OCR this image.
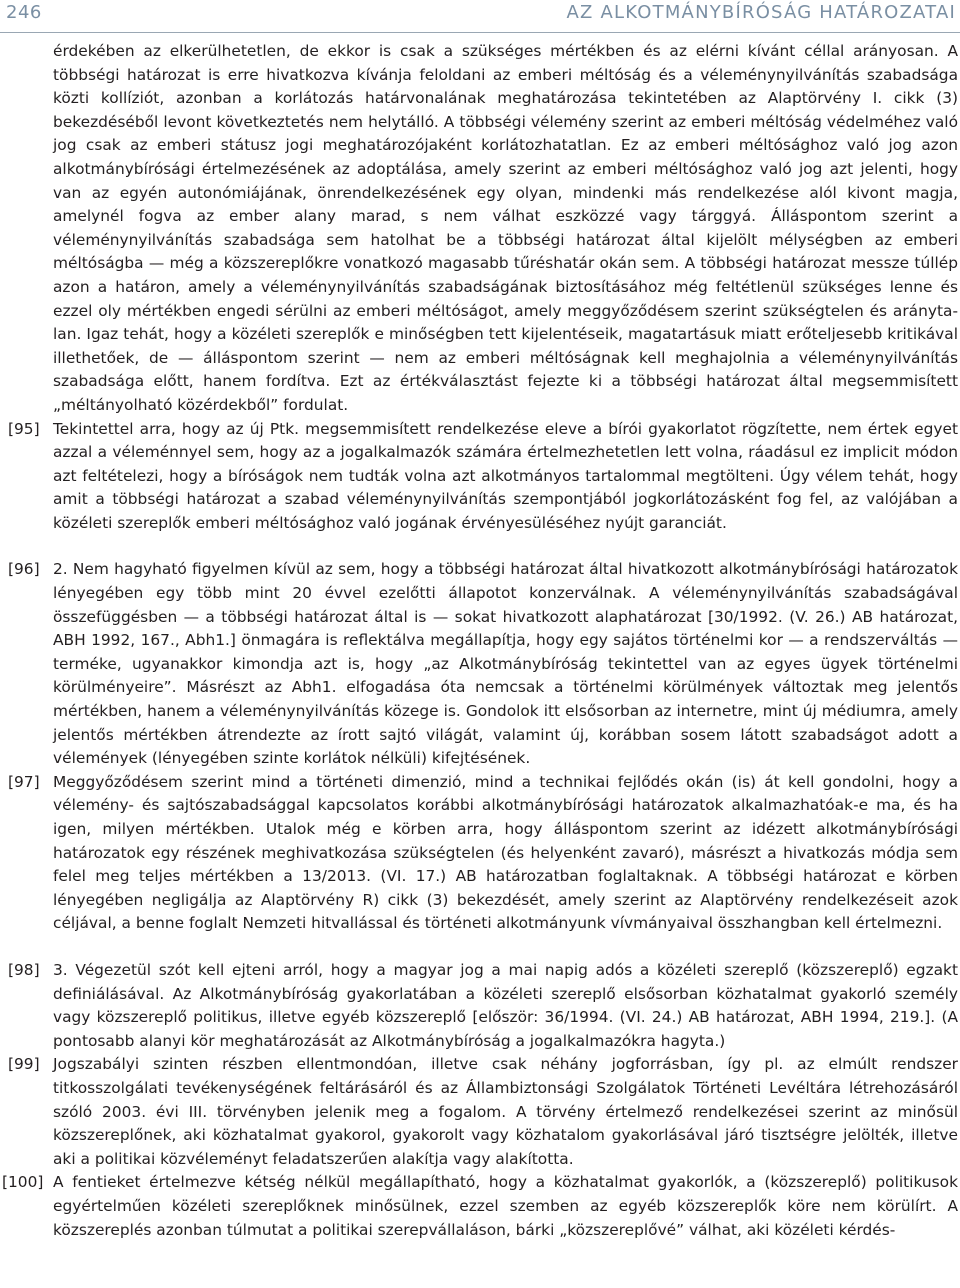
246	AZ ALKOTMÁNYBÍRÓSÁG HATÁROZATAI

érdekében az elkerülhetetlen, de ekkor is csak a szükséges mértékben és az elérni kívánt céllal arányosan. A többségi határozat is erre hivatkozva kívánja feloldani az emberi méltóság és a véleménynyilvánítás szabadsága közti kollíziót, azonban a korlátozás határvonalának meghatározása tekintetében az Alaptörvény I. cikk (3) bekezdéséből levont következtetés nem helytálló. A többségi vélemény szerint az emberi méltóság védelméhez való jog csak az emberi státusz jogi meghatározójaként korlátozhatatlan. Ez az emberi méltósághoz való jog azon alkotmánybírósági értelmezésének az adoptálása, amely szerint az emberi méltósághoz való jog azt jelenti, hogy van az egyén autonómiájának, önrendelkezésének egy olyan, mindenki más rendelkezése alól kivont magja, amelynél fogva az ember alany marad, s nem válhat eszközzé vagy tárggyá. Álláspontom szerint a véleménynyilvánítás szabadsága sem hatolhat be a többségi határozat által kijelölt mélységben az emberi méltóságba — még a közszereplőkre vonatkozó magasabb tűréshatár okán sem. A többségi határozat messze túllép azon a határon, amely a véleménynyilvánítás szabadságának biztosításához még feltétlenül szükséges lenne és ezzel oly mértékben engedi sérülni az emberi méltóságot, amely meggyőződésem szerint szükségtelen és aránytalan. Igaz tehát, hogy a közéleti szereplők e minőségben tett kijelentéseik, magatartásuk miatt erőteljesebb kritikával illethetőek, de — álláspontom szerint — nem az emberi méltóságnak kell meghajolnia a véleménynyilvánítás szabadsága előtt, hanem fordítva. Ezt az értékválasztást fejezte ki a többségi határozat által megsemmisített „méltányolható közérdekből” fordulat.

[95] Tekintettel arra, hogy az új Ptk. megsemmisített rendelkezése eleve a bírói gyakorlatot rögzítette, nem értek egyet azzal a véleménnyel sem, hogy az a jogalkalmazók számára értelmezhetetlen lett volna, ráadásul ez implicit módon azt feltételezi, hogy a bíróságok nem tudták volna azt alkotmányos tartalommal megtölteni. Úgy vélem tehát, hogy amit a többségi határozat a szabad véleménynyilvánítás szempontjából jogkorlátozásként fog fel, az valójában a közéleti szereplők emberi méltósághoz való jogának érvényesüléséhez nyújt garanciát.
[96] 2. Nem hagyható figyelmen kívül az sem, hogy a többségi határozat által hivatkozott alkotmánybírósági határozatok lényegében egy több mint 20 évvel ezelőtti állapotot konzerválnak. A véleménynyilvánítás szabadságával összefüggésben — a többségi határozat által is — sokat hivatkozott alaphatározat [30/1992. (V. 26.) AB határozat, ABH 1992, 167., Abh1.] önmagára is reflektálva megállapítja, hogy egy sajátos történelmi kor — a rendszerváltás — terméke, ugyanakkor kimondja azt is, hogy „az Alkotmánybíróság tekintettel van az egyes ügyek történelmi körülményeire”. Másrészt az Abh1. elfogadása óta nemcsak a történelmi körülmények változtak meg jelentős mértékben, hanem a véleménynyilvánítás közege is. Gondolok itt elsősorban az internetre, mint új médiumra, amely jelentős mértékben átrendezte az írott sajtó világát, valamint új, korábban sosem látott szabadságot adott a vélemények (lényegében szinte korlátok nélküli) kifejtésének.
[97] Meggyőződésem szerint mind a történeti dimenzió, mind a technikai fejlődés okán (is) át kell gondolni, hogy a vélemény- és sajtószabadsággal kapcsolatos korábbi alkotmánybírósági határozatok alkalmazhatóak-e ma, és ha igen, milyen mértékben. Utalok még e körben arra, hogy álláspontom szerint az idézett alkotmánybírósági határozatok egy részének meghivatkozása szükségtelen (és helyenként zavaró), másrészt a hivatkozás módja sem felel meg teljes mértékben a 13/2013. (VI. 17.) AB határozatban foglaltaknak. A többségi határozat e körben lényegében negligálja az Alaptörvény R) cikk (3) bekezdését, amely szerint az Alaptörvény rendelkezéseit azok céljával, a benne foglalt Nemzeti hitvallással és történeti alkotmányunk vívmányaival összhangban kell értelmezni.
[98] 3. Végezetül szót kell ejteni arról, hogy a magyar jog a mai napig adós a közéleti szereplő (közszereplő) egzakt definiálásával. Az Alkotmánybíróság gyakorlatában a közéleti szereplő elsősorban közhatalmat gyakorló személy vagy közszereplő politikus, illetve egyéb közszereplő [először: 36/1994. (VI. 24.) AB határozat, ABH 1994, 219.]. (A pontosabb alanyi kör meghatározását az Alkotmánybíróság a jogalkalmazókra hagyta.)
[99] Jogszabályi szinten részben ellentmondóan, illetve csak néhány jogforrásban, így pl. az elmúlt rendszer titkosszolgálati tevékenységének feltárásáról és az Állambiztonsági Szolgálatok Történeti Levéltára létrehozásáról szóló 2003. évi III. törvényben jelenik meg a fogalom. A törvény értelmező rendelkezései szerint az minősül közszereplőnek, aki közhatalmat gyakorol, gyakorolt vagy közhatalom gyakorlásával járó tisztségre jelölték, illetve aki a politikai közvéleményt feladatszerűen alakítja vagy alakította.
[100] A fentieket értelmezve kétség nélkül megállapítható, hogy a közhatalmat gyakorlók, a (közszereplő) politikusok egyértelműen közéleti szereplőknek minősülnek, ezzel szemben az egyéb közszereplők köre nem körülírt. A közszereplés azonban túlmutat a politikai szerepvállaláson, bárki „közszereplővé” válhat, aki közéleti kérdés-
